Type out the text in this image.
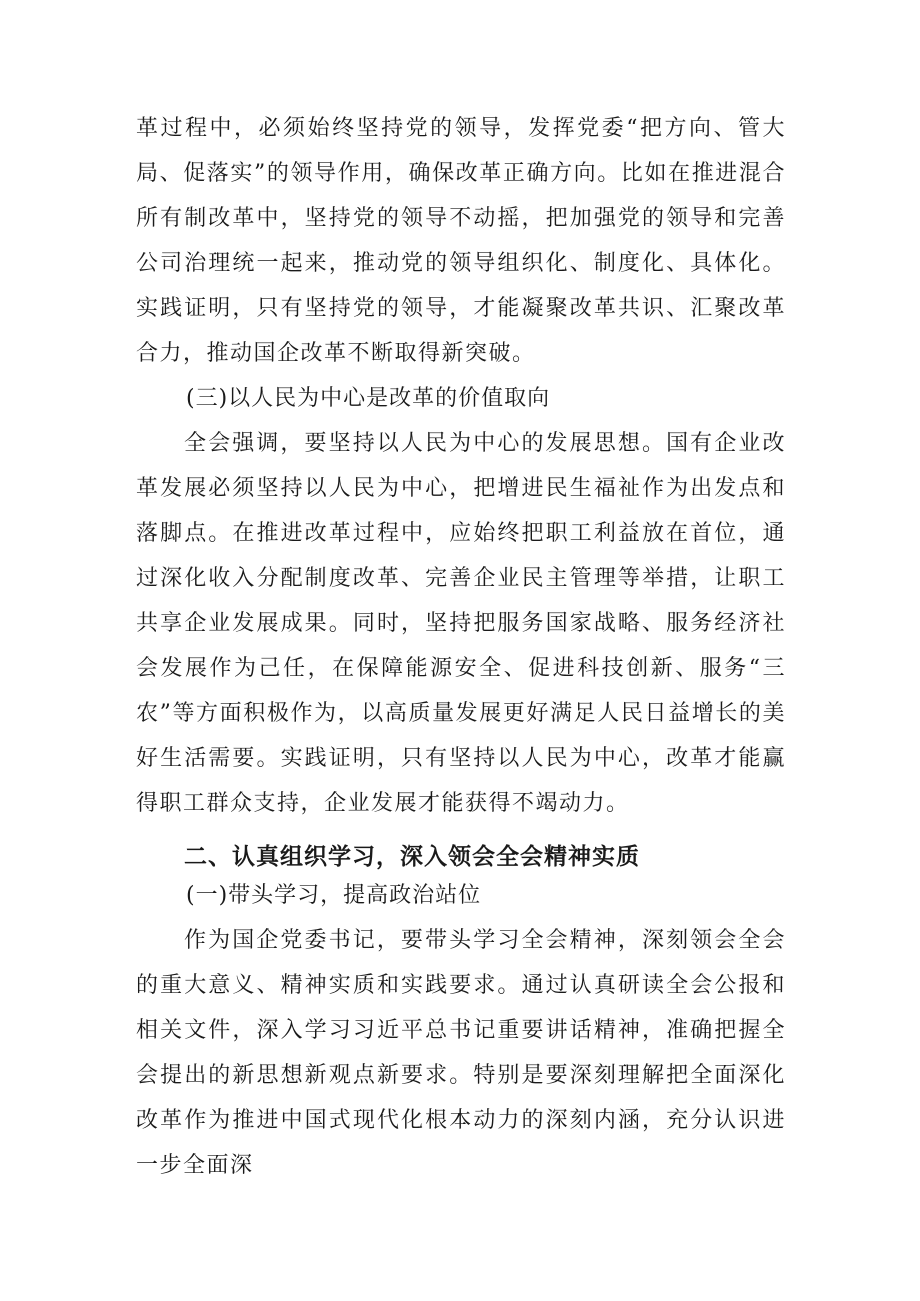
革过程中，必须始终坚持党的领导，发挥党委“把方向、管大局、促落实”的领导作用，确保改革正确方向。比如在推进混合所有制改革中，坚持党的领导不动摇，把加强党的领导和完善公司治理统一起来，推动党的领导组织化、制度化、具体化。实践证明，只有坚持党的领导，才能凝聚改革共识、汇聚改革合力，推动国企改革不断取得新突破。

(三)以人民为中心是改革的价值取向

全会强调，要坚持以人民为中心的发展思想。国有企业改革发展必须坚持以人民为中心，把增进民生福祉作为出发点和落脚点。在推进改革过程中，应始终把职工利益放在首位，通过深化收入分配制度改革、完善企业民主管理等举措，让职工共享企业发展成果。同时，坚持把服务国家战略、服务经济社会发展作为己任，在保障能源安全、促进科技创新、服务“三农”等方面积极作为，以高质量发展更好满足人民日益增长的美好生活需要。实践证明，只有坚持以人民为中心，改革才能赢得职工群众支持，企业发展才能获得不竭动力。

二、认真组织学习，深入领会全会精神实质

(一)带头学习，提高政治站位

作为国企党委书记，要带头学习全会精神，深刻领会全会的重大意义、精神实质和实践要求。通过认真研读全会公报和相关文件，深入学习习近平总书记重要讲话精神，准确把握全会提出的新思想新观点新要求。特别是要深刻理解把全面深化改革作为推进中国式现代化根本动力的深刻内涵，充分认识进一步全面深
